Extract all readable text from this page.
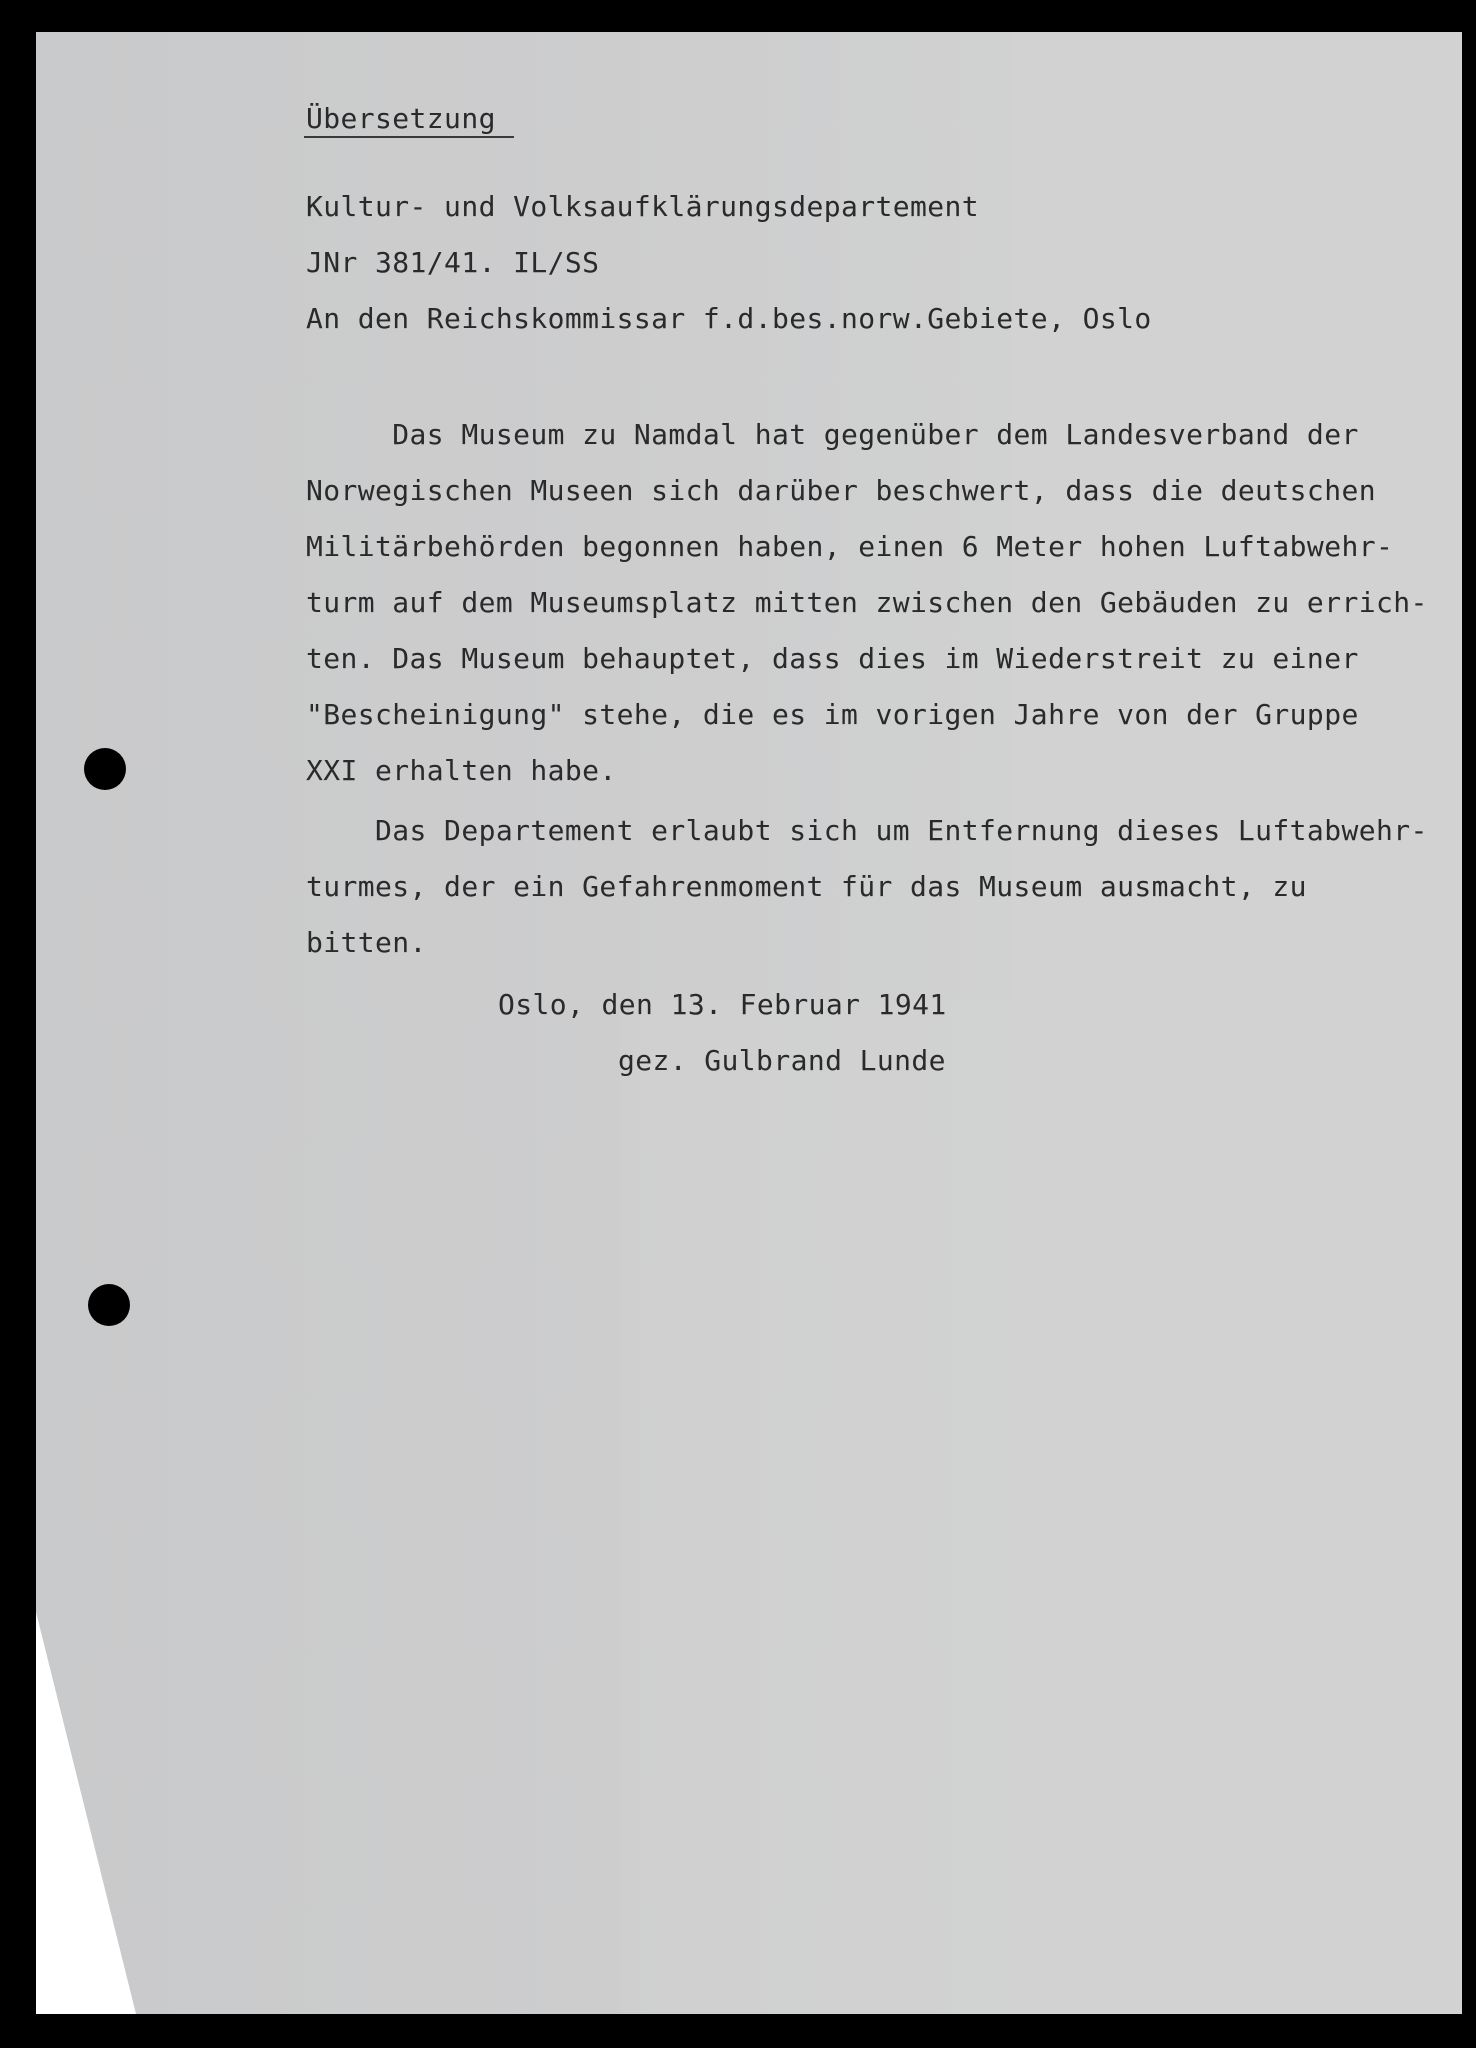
Übersetzung
Kultur- und Volksaufklärungsdepartement
JNr 381/41. IL/SS
An den Reichskommissar f.d.bes.norw.Gebiete, Oslo
Das Museum zu Namdal hat gegenüber dem Landesverband der
Norwegischen Museen sich darüber beschwert, dass die deutschen
Militärbehörden begonnen haben, einen 6 Meter hohen Luftabwehr-
turm auf dem Museumsplatz mitten zwischen den Gebäuden zu errich-
ten. Das Museum behauptet, dass dies im Wiederstreit zu einer
"Bescheinigung" stehe, die es im vorigen Jahre von der Gruppe
XXI erhalten habe.
Das Departement erlaubt sich um Entfernung dieses Luftabwehr-
turmes, der ein Gefahrenmoment für das Museum ausmacht, zu
bitten.
Oslo, den 13. Februar 1941
gez. Gulbrand Lunde
